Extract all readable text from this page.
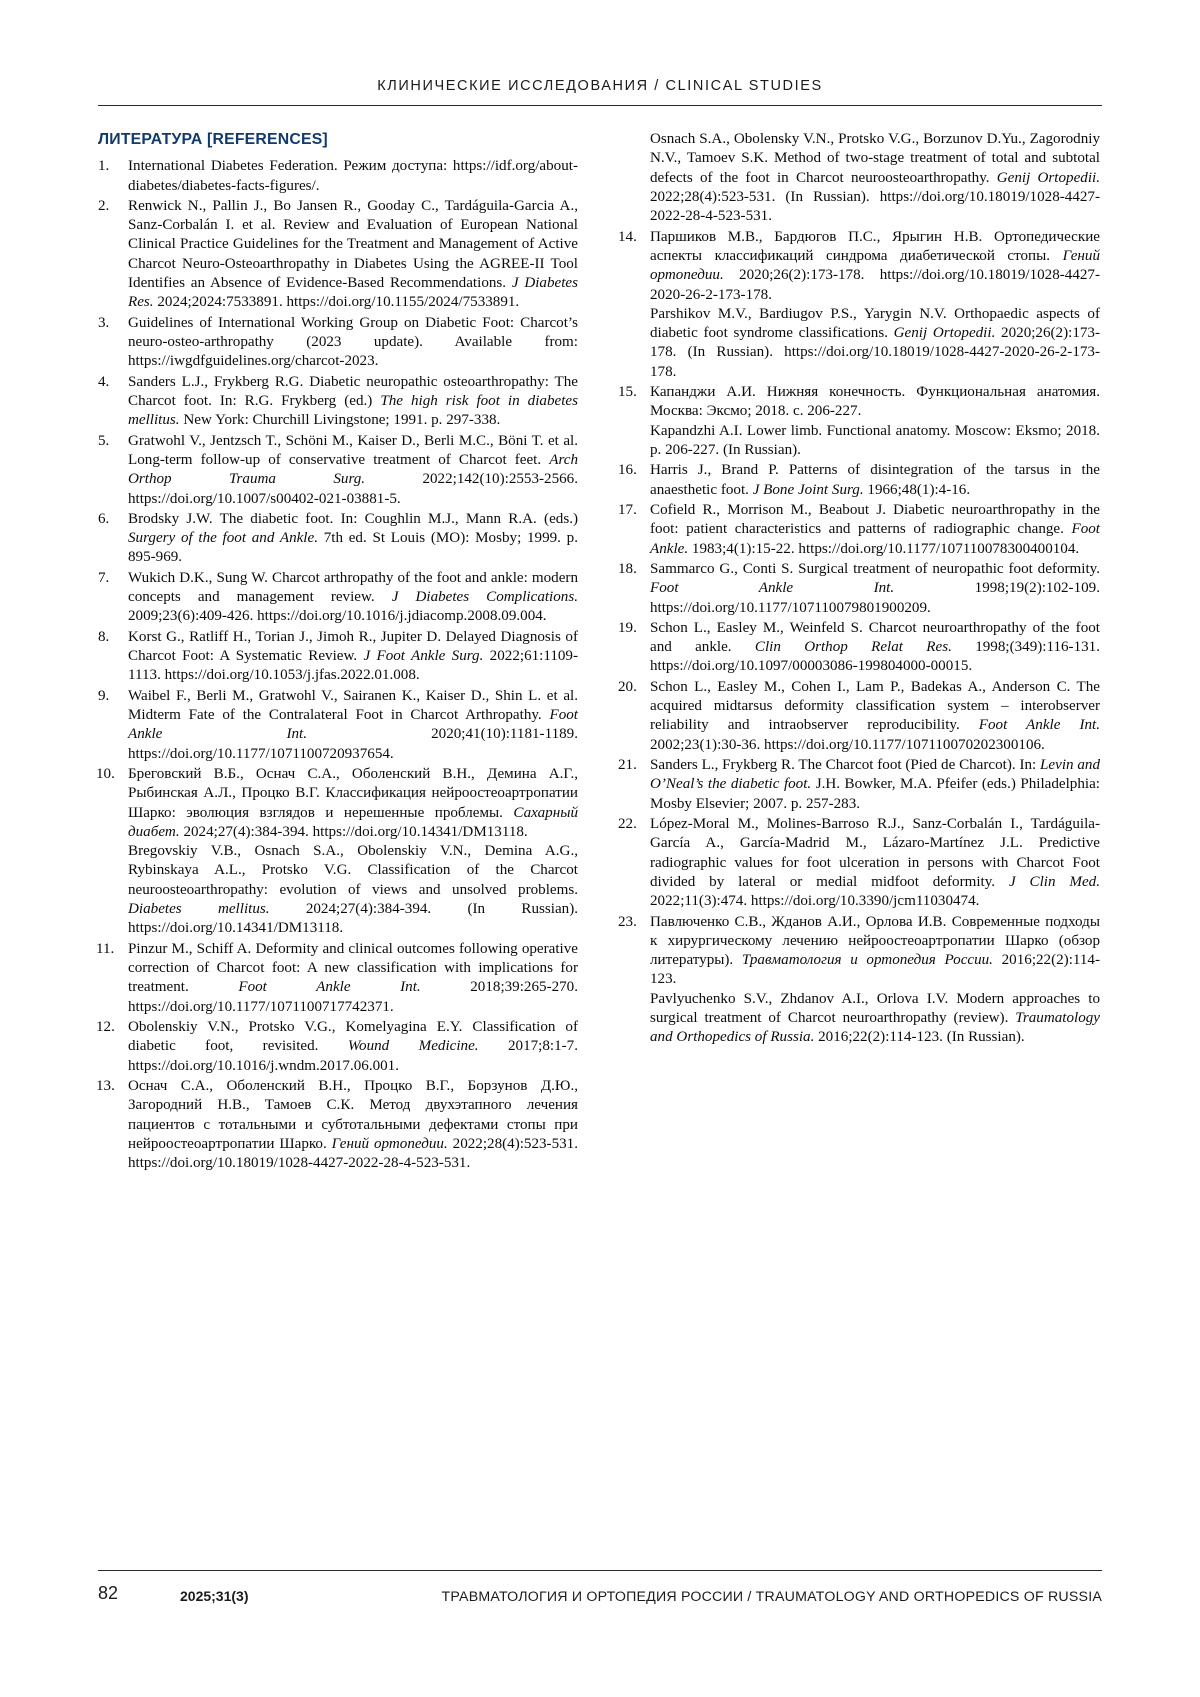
КЛИНИЧЕСКИЕ ИССЛЕДОВАНИЯ / CLINICAL STUDIES
ЛИТЕРАТУРА [REFERENCES]
1.	International Diabetes Federation. Режим доступа: https://idf.org/about-diabetes/diabetes-facts-figures/.
2.	Renwick N., Pallin J., Bo Jansen R., Gooday C., Tardáguila-Garcia A., Sanz-Corbalán I. et al. Review and Evaluation of European National Clinical Practice Guidelines for the Treatment and Management of Active Charcot Neuro-Osteoarthropathy in Diabetes Using the AGREE-II Tool Identifies an Absence of Evidence-Based Recommendations. J Diabetes Res. 2024;2024:7533891. https://doi.org/10.1155/2024/7533891.
3.	Guidelines of International Working Group on Diabetic Foot: Charcot’s neuro-osteo-arthropathy (2023 update). Available from: https://iwgdfguidelines.org/charcot-2023.
4.	Sanders L.J., Frykberg R.G. Diabetic neuropathic osteoarthropathy: The Charcot foot. In: R.G. Frykberg (ed.) The high risk foot in diabetes mellitus. New York: Churchill Livingstone; 1991. p. 297-338.
5.	Gratwohl V., Jentzsch T., Schöni M., Kaiser D., Berli M.C., Böni T. et al. Long-term follow-up of conservative treatment of Charcot feet. Arch Orthop Trauma Surg. 2022;142(10):2553-2566. https://doi.org/10.1007/s00402-021-03881-5.
6.	Brodsky J.W. The diabetic foot. In: Coughlin M.J., Mann R.A. (eds.) Surgery of the foot and Ankle. 7th ed. St Louis (MO): Mosby; 1999. p. 895-969.
7.	Wukich D.K., Sung W. Charcot arthropathy of the foot and ankle: modern concepts and management review. J Diabetes Complications. 2009;23(6):409-426. https://doi.org/10.1016/j.jdiacomp.2008.09.004.
8.	Korst G., Ratliff H., Torian J., Jimoh R., Jupiter D. Delayed Diagnosis of Charcot Foot: A Systematic Review. J Foot Ankle Surg. 2022;61:1109-1113. https://doi.org/10.1053/j.jfas.2022.01.008.
9.	Waibel F., Berli M., Gratwohl V., Sairanen K., Kaiser D., Shin L. et al. Midterm Fate of the Contralateral Foot in Charcot Arthropathy. Foot Ankle Int. 2020;41(10):1181-1189. https://doi.org/10.1177/1071100720937654.
10. Бреговский В.Б., Оснач С.А., Оболенский В.Н., Демина А.Г., Рыбинская А.Л., Процко В.Г. Классификация нейроостеоартропатии Шарко: эволюция взглядов и нерешенные проблемы. Сахарный диабет. 2024;27(4):384-394. https://doi.org/10.14341/DM13118.
Bregovskiy V.B., Osnach S.A., Obolenskiy V.N., Demina A.G., Rybinskaya A.L., Protsko V.G. Classification of the Charcot neuroosteoarthropathy: evolution of views and unsolved problems. Diabetes mellitus. 2024;27(4):384-394. (In Russian). https://doi.org/10.14341/DM13118.
11. Pinzur M., Schiff A. Deformity and clinical outcomes following operative correction of Charcot foot: A new classification with implications for treatment. Foot Ankle Int. 2018;39:265-270. https://doi.org/10.1177/1071100717742371.
12. Obolenskiy V.N., Protsko V.G., Komelyagina E.Y. Classification of diabetic foot, revisited. Wound Medicine. 2017;8:1-7. https://doi.org/10.1016/j.wndm.2017.06.001.
13. Оснач С.А., Оболенский В.Н., Процко В.Г., Борзунов Д.Ю., Загородний Н.В., Тамоев С.К. Метод двухэтапного лечения пациентов с тотальными и субтотальными дефектами стопы при нейроостеоартропатии Шарко. Гений ортопедии. 2022;28(4):523-531. https://doi.org/10.18019/1028-4427-2022-28-4-523-531.
Osnach S.A., Obolensky V.N., Protsko V.G., Borzunov D.Yu., Zagorodniy N.V., Tamoev S.K. Method of two-stage treatment of total and subtotal defects of the foot in Charcot neuroosteoarthropathy. Genij Ortopedii. 2022;28(4):523-531. (In Russian). https://doi.org/10.18019/1028-4427-2022-28-4-523-531.
14. Паршиков М.В., Бардюгов П.С., Ярыгин Н.В. Ортопедические аспекты классификаций синдрома диабетической стопы. Гений ортопедии. 2020;26(2):173-178. https://doi.org/10.18019/1028-4427-2020-26-2-173-178.
Parshikov M.V., Bardiugov P.S., Yarygin N.V. Orthopaedic aspects of diabetic foot syndrome classifications. Genij Ortopedii. 2020;26(2):173-178. (In Russian). https://doi.org/10.18019/1028-4427-2020-26-2-173-178.
15. Капанджи А.И. Нижняя конечность. Функциональная анатомия. Москва: Эксмо; 2018. с. 206-227.
Kapandzhi A.I. Lower limb. Functional anatomy. Moscow: Eksmo; 2018. p. 206-227. (In Russian).
16. Harris J., Brand P. Patterns of disintegration of the tarsus in the anaesthetic foot. J Bone Joint Surg. 1966;48(1):4-16.
17. Cofield R., Morrison M., Beabout J. Diabetic neuroarthropathy in the foot: patient characteristics and patterns of radiographic change. Foot Ankle. 1983;4(1):15-22. https://doi.org/10.1177/107110078300400104.
18. Sammarco G., Conti S. Surgical treatment of neuropathic foot deformity. Foot Ankle Int. 1998;19(2):102-109. https://doi.org/10.1177/107110079801900209.
19. Schon L., Easley M., Weinfeld S. Charcot neuroarthropathy of the foot and ankle. Clin Orthop Relat Res. 1998;(349):116-131. https://doi.org/10.1097/00003086-199804000-00015.
20. Schon L., Easley M., Cohen I., Lam P., Badekas A., Anderson C. The acquired midtarsus deformity classification system – interobserver reliability and intraobserver reproducibility. Foot Ankle Int. 2002;23(1):30-36. https://doi.org/10.1177/107110070202300106.
21. Sanders L., Frykberg R. The Charcot foot (Pied de Charcot). In: Levin and O’Neal’s the diabetic foot. J.H. Bowker, M.A. Pfeifer (eds.) Philadelphia: Mosby Elsevier; 2007. p. 257-283.
22. López-Moral M., Molines-Barroso R.J., Sanz-Corbalán I., Tardáguila-García A., García-Madrid M., Lázaro-Martínez J.L. Predictive radiographic values for foot ulceration in persons with Charcot Foot divided by lateral or medial midfoot deformity. J Clin Med. 2022;11(3):474. https://doi.org/10.3390/jcm11030474.
23. Павлюченко С.В., Жданов А.И., Орлова И.В. Современные подходы к хирургическому лечению нейроостеоартропатии Шарко (обзор литературы). Травматология и ортопедия России. 2016;22(2):114-123.
Pavlyuchenko S.V., Zhdanov A.I., Orlova I.V. Modern approaches to surgical treatment of Charcot neuroarthropathy (review). Traumatology and Orthopedics of Russia. 2016;22(2):114-123. (In Russian).
82	2025;31(3)	ТРАВМАТОЛОГИЯ И ОРТОПЕДИЯ РОССИИ / TRAUMATOLOGY AND ORTHOPEDICS OF RUSSIA
